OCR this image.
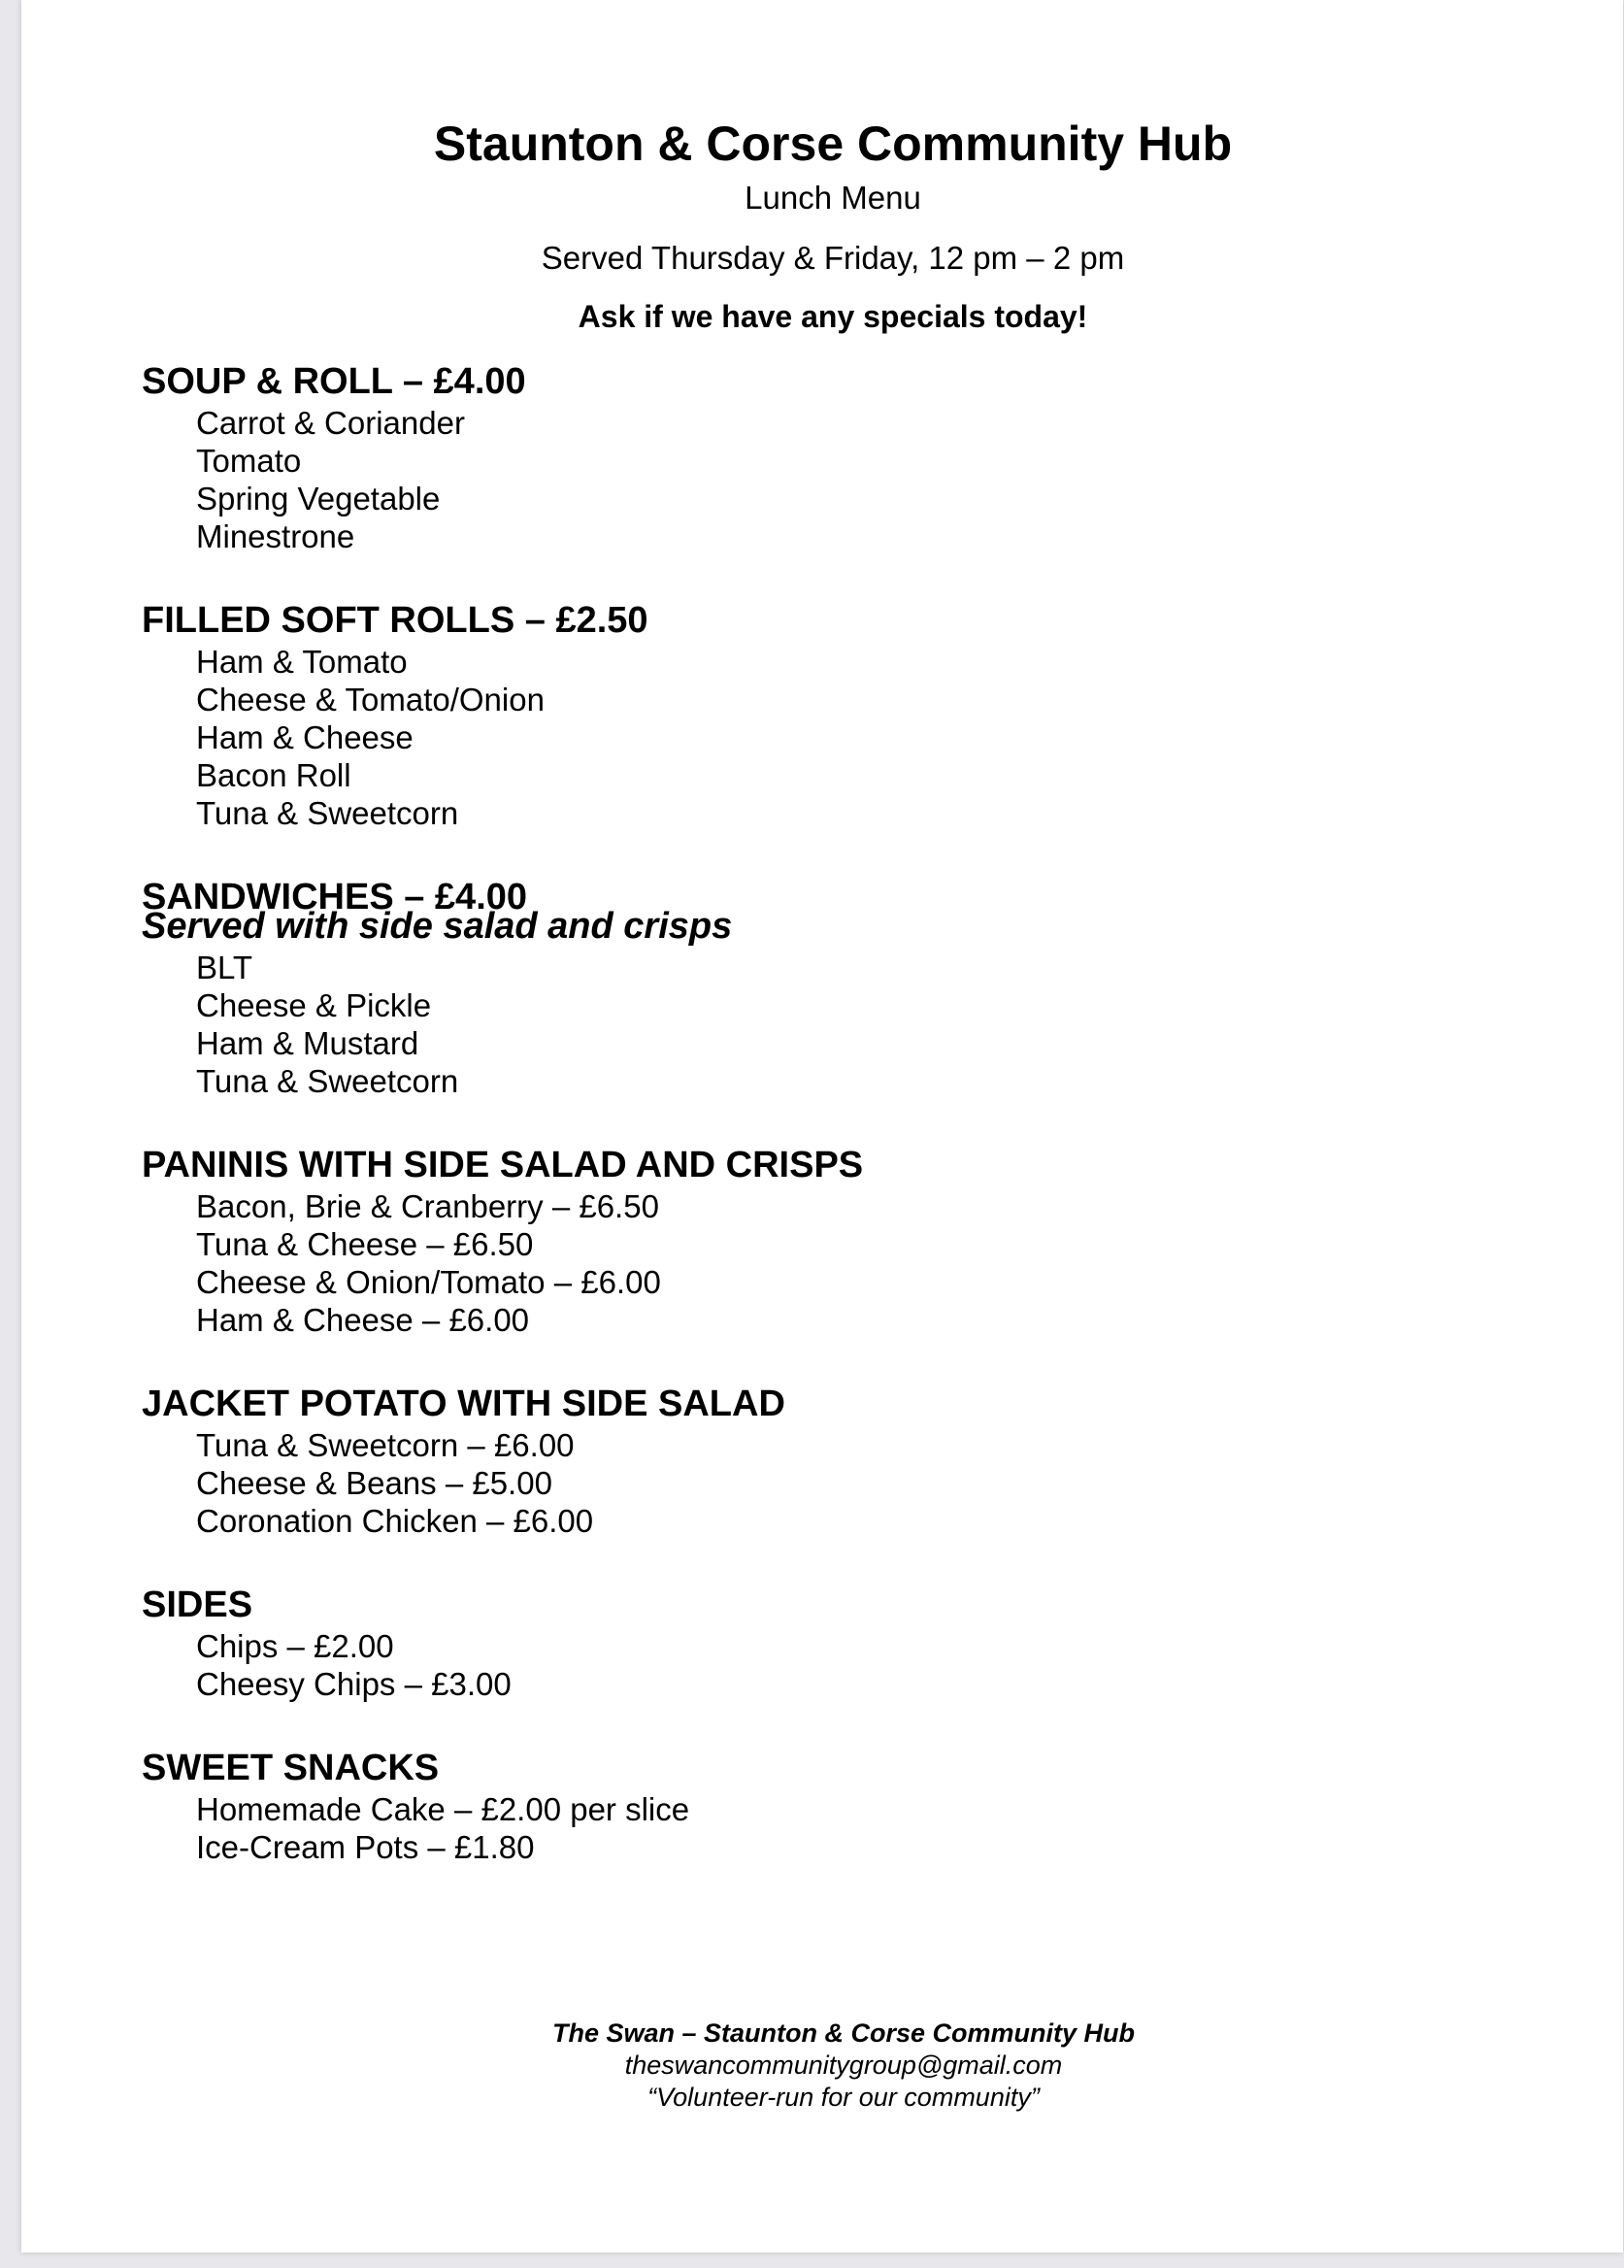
Staunton & Corse Community Hub
Lunch Menu
Served Thursday & Friday, 12 pm – 2 pm
Ask if we have any specials today!
SOUP & ROLL – £4.00
Carrot & Coriander
Tomato
Spring Vegetable
Minestrone
FILLED SOFT ROLLS – £2.50
Ham & Tomato
Cheese & Tomato/Onion
Ham & Cheese
Bacon Roll
Tuna & Sweetcorn
SANDWICHES – £4.00
Served with side salad and crisps
BLT
Cheese & Pickle
Ham & Mustard
Tuna & Sweetcorn
PANINIS WITH SIDE SALAD AND CRISPS
Bacon, Brie & Cranberry – £6.50
Tuna & Cheese – £6.50
Cheese & Onion/Tomato – £6.00
Ham & Cheese – £6.00
JACKET POTATO WITH SIDE SALAD
Tuna & Sweetcorn – £6.00
Cheese & Beans – £5.00
Coronation Chicken – £6.00
SIDES
Chips – £2.00
Cheesy Chips – £3.00
SWEET SNACKS
Homemade Cake – £2.00 per slice
Ice-Cream Pots – £1.80
The Swan – Staunton & Corse Community Hub
theswancommunitygroup@gmail.com
“Volunteer-run for our community”
